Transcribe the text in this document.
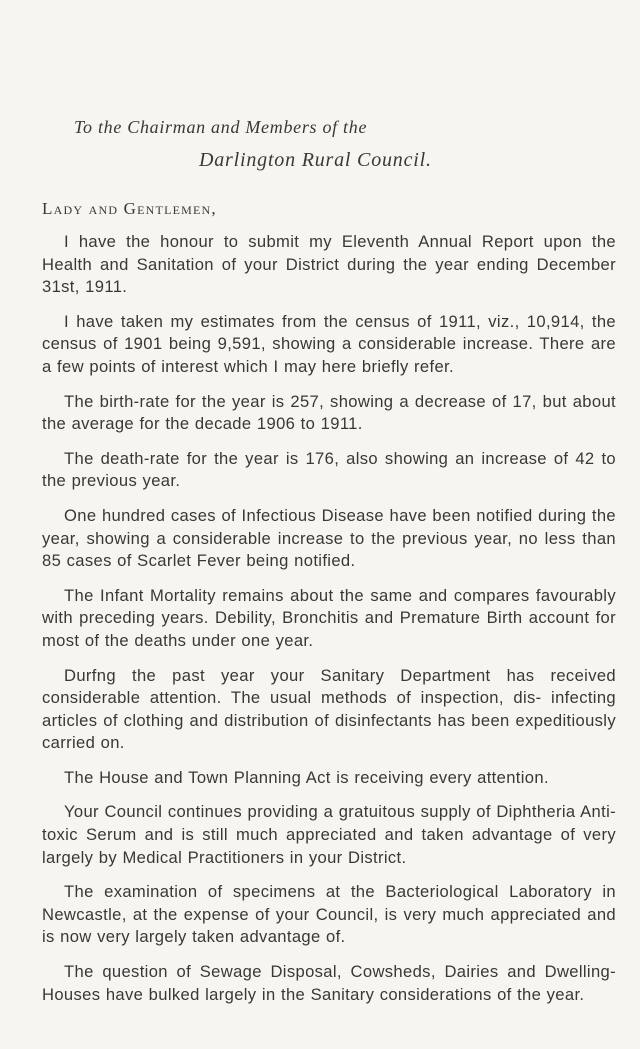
To the Chairman and Members of the
Darlington Rural Council.
Lady and Gentlemen,

I have the honour to submit my Eleventh Annual Report upon the Health and Sanitation of your District during the year ending December 31st, 1911.

I have taken my estimates from the census of 1911, viz., 10,914, the census of 1901 being 9,591, showing a considerable increase. There are a few points of interest which I may here briefly refer.

The birth-rate for the year is 257, showing a decrease of 17, but about the average for the decade 1906 to 1911.

The death-rate for the year is 176, also showing an increase of 42 to the previous year.

One hundred cases of Infectious Disease have been notified during the year, showing a considerable increase to the previous year, no less than 85 cases of Scarlet Fever being notified.

The Infant Mortality remains about the same and compares favourably with preceding years. Debility, Bronchitis and Premature Birth account for most of the deaths under one year.

Durfng the past year your Sanitary Department has received considerable attention. The usual methods of inspection, dis- infecting articles of clothing and distribution of disinfectants has been expeditiously carried on.

The House and Town Planning Act is receiving every attention.

Your Council continues providing a gratuitous supply of Diphtheria Anti-toxic Serum and is still much appreciated and taken advantage of very largely by Medical Practitioners in your District.

The examination of specimens at the Bacteriological Laboratory in Newcastle, at the expense of your Council, is very much appreciated and is now very largely taken advantage of.

The question of Sewage Disposal, Cowsheds, Dairies and Dwelling-Houses have bulked largely in the Sanitary considerations of the year.
